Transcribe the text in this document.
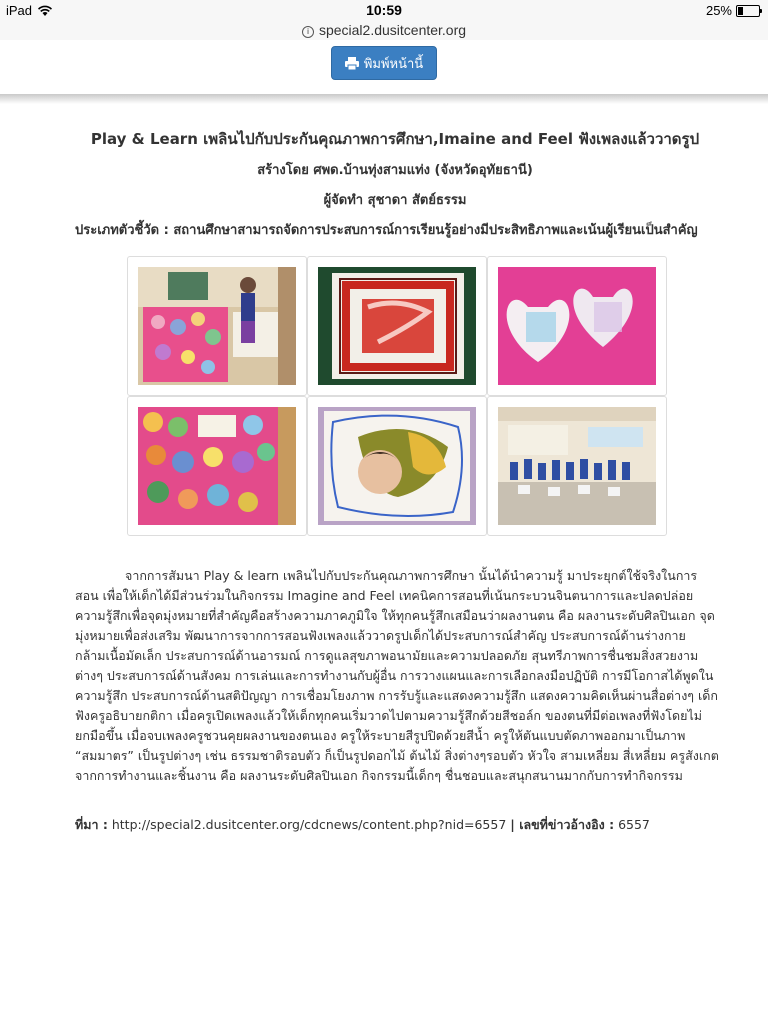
iPad	10:59	25%
i special2.dusitcenter.org
พิมพ์หน้านี้

Play & Learn เพลินไปกับประกันคุณภาพการศึกษา,Imaine and Feel ฟังเพลงแล้ววาดรูป

สร้างโดย ศพด.บ้านทุ่งสามแท่ง (จังหวัดอุทัยธานี)

ผู้จัดทำ สุชาดา สัตย์ธรรม

ประเภทตัวชี้วัด : สถานศึกษาสามารถจัดการประสบการณ์การเรียนรู้อย่างมีประสิทธิภาพและเน้นผู้เรียนเป็นสำคัญ

จากการสัมนา Play & learn เพลินไปกับประกันคุณภาพการศึกษา นั้นได้นำความรู้ มาประยุกต์ใช้จริงในการสอน เพื่อให้เด็กได้มีส่วนร่วมในกิจกรรม Imagine and Feel เทคนิคการสอนที่เน้นกระบวนจินตนาการและปลดปล่อย ความรู้สึกเพื่อจุดมุ่งหมายที่สำคัญคือสร้างความภาคภูมิใจ ให้ทุกคนรู้สึกเสมือนว่าผลงานตน คือ ผลงานระดับศิลปินเอก จุดมุ่งหมายเพื่อส่งเสริม พัฒนาการจากการสอนฟังเพลงแล้ววาดรูปเด็กได้ประสบการณ์สำคัญ ประสบการณ์ด้านร่างกาย กล้ามเนื้อมัดเล็ก ประสบการณ์ด้านอารมณ์ การดูแลสุขภาพอนามัยและความปลอดภัย สุนทรีภาพการชื่นชมสิ่งสวยงามต่างๆ ประสบการณ์ด้านสังคม การเล่นและการทำงานกับผู้อื่น การวางแผนและการเลือกลงมือปฏิบัติ การมีโอกาสได้พูดในความรู้สึก ประสบการณ์ด้านสติปัญญา การเชื่อมโยงภาพ การรับรู้และแสดงความรู้สึก แสดงความคิดเห็นผ่านสื่อต่างๆ เด็กฟังครูอธิบายกติกา เมื่อครูเปิดเพลงแล้วให้เด็กทุกคนเริ่มวาดไปตามความรู้สึกด้วยสีชอล์ก ของตนที่มีต่อเพลงที่ฟังโดยไม่ยกมือขึ้น เมื่อจบเพลงครูชวนคุยผลงานของตนเอง ครูให้ระบายสีรูปปิดด้วยสีน้ำ ครูให้ตันแบบตัดภาพออกมาเป็นภาพ “สมมาตร” เป็นรูปต่างๆ เช่น ธรรมชาติรอบตัว ก็เป็นรูปดอกไม้ ต้นไม้ สิ่งต่างๆรอบตัว หัวใจ สามเหลี่ยม สี่เหลี่ยม ครูสังเกตจากการทำงานและชิ้นงาน คือ ผลงานระดับศิลปินเอก กิจกรรมนี้เด็กๆ ชื่นชอบและสนุกสนานมากกับการทำกิจกรรม

ที่มา : http://special2.dusitcenter.org/cdcnews/content.php?nid=6557 | เลขที่ข่าวอ้างอิง : 6557
